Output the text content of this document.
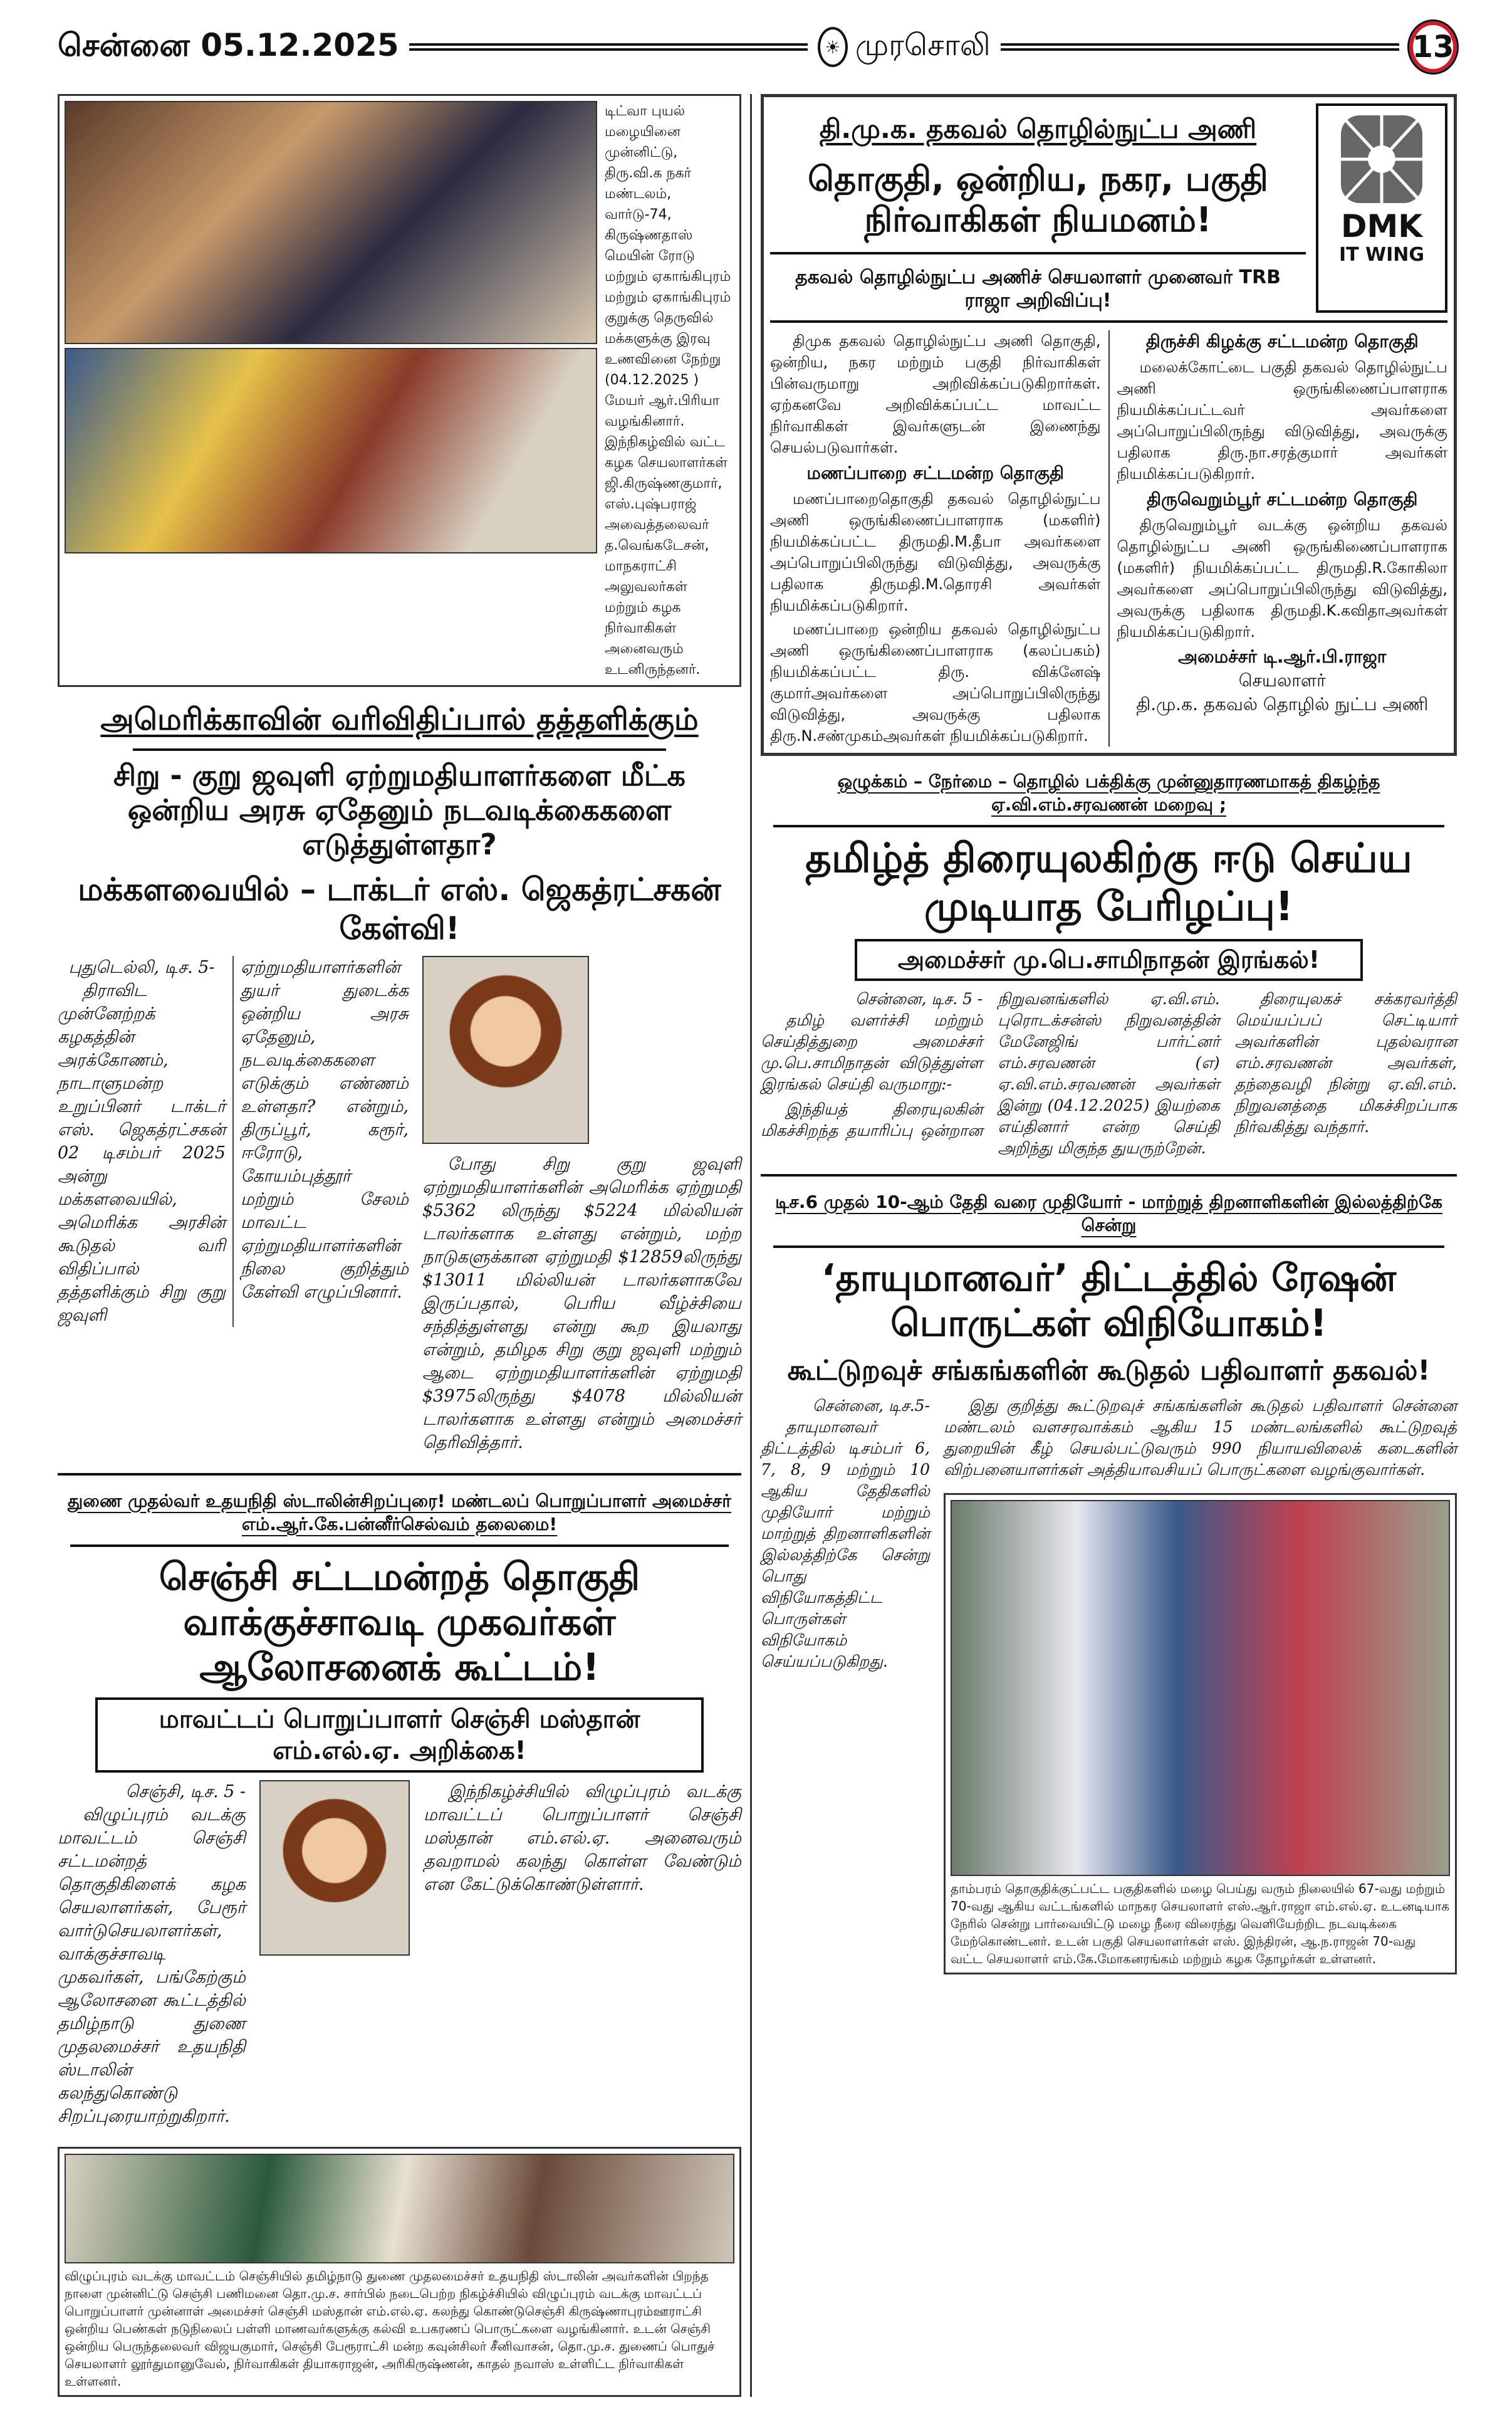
சென்னை 05.12.2025	☀ முரசொலி	13

டிட்வா புயல் மழையினை முன்னிட்டு, திரு.வி.க நகர் மண்டலம், வார்டு-74, கிருஷ்ணதாஸ் மெயின் ரோடு மற்றும் ஏகாங்கிபுரம் மற்றும் ஏகாங்கிபுரம் குறுக்கு தெருவில் மக்களுக்கு இரவு உணவினை நேற்று (04.12.2025 ) மேயர் ஆர்.பிரியா வழங்கினார்.

இந்நிகழ்வில் வட்ட கழக செயலாளர்கள் ஜி.கிருஷ்ணகுமார், எஸ்.புஷ்பராஜ் அவைத்தலைவர் த.வெங்கடேசன், மாநகராட்சி அலுவலர்கள் மற்றும் கழக நிர்வாகிகள் அனைவரும் உடனிருந்தனர்.

அமெரிக்காவின் வரிவிதிப்பால் தத்தளிக்கும்
சிறு - குறு ஜவுளி ஏற்றுமதியாளர்களை மீட்க ஒன்றிய அரசு ஏதேனும் நடவடிக்கைகளை எடுத்துள்ளதா?
மக்களவையில் – டாக்டர் எஸ். ஜெகத்ரட்சகன் கேள்வி!
புதுடெல்லி, டிச. 5-

திராவிட முன்னேற்றக் கழகத்தின் அரக்கோணம், நாடாளுமன்ற உறுப்பினர் டாக்டர் எஸ். ஜெகத்ரட்சகன் 02 டிசம்பர் 2025 அன்று மக்களவையில், அமெரிக்க அரசின் கூடுதல் வரி விதிப்பால் தத்தளிக்கும் சிறு குறு ஜவுளி ஏற்றுமதியாளர்களின் துயர் துடைக்க ஒன்றிய அரசு ஏதேனும், நடவடிக்கைகளை எடுக்கும் எண்ணம் உள்ளதா? என்றும், திருப்பூர், கரூர், ஈரோடு, கோயம்புத்தூர் மற்றும் சேலம் மாவட்ட ஏற்றுமதியாளர்களின் நிலை குறித்தும் கேள்வி எழுப்பினார்.

போது சிறு குறு ஜவுளி ஏற்றுமதியாளர்களின் அமெரிக்க ஏற்றுமதி $5362 லிருந்து $5224 மில்லியன் டாலர்களாக உள்ளது என்றும், மற்ற நாடுகளுக்கான ஏற்றுமதி $12859லிருந்து $13011 மில்லியன் டாலர்களாகவே இருப்பதால், பெரிய வீழ்ச்சியை சந்தித்துள்ளது என்று கூற இயலாது என்றும், தமிழக சிறு குறு ஜவுளி மற்றும் ஆடை ஏற்றுமதியாளர்களின் ஏற்றுமதி $3975லிருந்து $4078 மில்லியன் டாலர்களாக உள்ளது என்றும் அமைச்சர் தெரிவித்தார்.

துணை முதல்வர் உதயநிதி ஸ்டாலின்சிறப்புரை! மண்டலப் பொறுப்பாளர் அமைச்சர் எம்.ஆர்.கே.பன்னீர்செல்வம் தலைமை!
செஞ்சி சட்டமன்றத் தொகுதி வாக்குச்சாவடி முகவர்கள் ஆலோசனைக் கூட்டம்!
மாவட்டப் பொறுப்பாளர் செஞ்சி மஸ்தான் எம்.எல்.ஏ. அறிக்கை!
செஞ்சி, டிச. 5 -

விழுப்புரம் வடக்கு மாவட்டம் செஞ்சி சட்டமன்றத் தொகுதிகிளைக் கழக செயலாளர்கள், பேரூர் வார்டுசெயலாளர்கள், வாக்குச்சாவடி முகவர்கள், பங்கேற்கும் ஆலோசனை கூட்டத்தில் தமிழ்நாடு துணை முதலமைச்சர் உதயநிதி ஸ்டாலின் கலந்துகொண்டு சிறப்புரையாற்றுகிறார்.

இந்நிகழ்ச்சியில் விழுப்புரம் வடக்கு மாவட்டப் பொறுப்பாளர் செஞ்சி மஸ்தான் எம்.எல்.ஏ. அனைவரும் தவறாமல் கலந்து கொள்ள வேண்டும் என கேட்டுக்கொண்டுள்ளார்.

விழுப்புரம் வடக்கு மாவட்டம் செஞ்சியில் தமிழ்நாடு துணை முதலமைச்சர் உதயநிதி ஸ்டாலின் அவர்களின் பிறந்த நாளை முன்னிட்டு செஞ்சி பணிமனை தொ.மு.ச. சார்பில் நடைபெற்ற நிகழ்ச்சியில் விழுப்புரம் வடக்கு மாவட்டப் பொறுப்பாளர் முன்னாள் அமைச்சர் செஞ்சி மஸ்தான் எம்.எல்.ஏ. கலந்து கொண்டுசெஞ்சி கிருஷ்ணாபுரம்ஊராட்சி ஒன்றிய பெண்கள் நடுநிலைப் பள்ளி மாணவர்களுக்கு கல்வி உபகரணப் பொருட்களை வழங்கினார். உடன் செஞ்சி ஒன்றிய பெருந்தலைவர் விஜயகுமார், செஞ்சி பேரூராட்சி மன்ற கவுன்சிலர் சீனிவாசன், தொ.மு.ச. துணைப் பொதுச் செயலாளர் லூர்துமானுவேல், நிர்வாகிகள் தியாகராஜன், அரிகிருஷ்ணன், காதல் நவாஸ் உள்ளிட்ட நிர்வாகிகள் உள்ளனர்.
தி.மு.க. தகவல் தொழில்நுட்ப அணி
தொகுதி, ஒன்றிய, நகர, பகுதி நிர்வாகிகள் நியமனம்!
தகவல் தொழில்நுட்ப அணிச் செயலாளர் முனைவர் TRB ராஜா அறிவிப்பு!
DMK
IT WING

திமுக தகவல் தொழில்நுட்ப அணி தொகுதி, ஒன்றிய, நகர மற்றும் பகுதி நிர்வாகிகள் பின்வருமாறு அறிவிக்கப்படுகிறார்கள். ஏற்கனவே அறிவிக்கப்பட்ட மாவட்ட நிர்வாகிகள் இவர்களுடன் இணைந்து செயல்படுவார்கள்.

மணப்பாறை சட்டமன்ற தொகுதி

மணப்பாறைதொகுதி தகவல் தொழில்நுட்ப அணி ஒருங்கிணைப்பாளராக (மகளிர்) நியமிக்கப்பட்ட திருமதி.M.தீபா அவர்களை அப்பொறுப்பிலிருந்து விடுவித்து, அவருக்கு பதிலாக திருமதி.M.தொரசி அவர்கள் நியமிக்கப்படுகிறார்.

மணப்பாறை ஒன்றிய தகவல் தொழில்நுட்ப அணி ஒருங்கிணைப்பாளராக (கலப்பகம்) நியமிக்கப்பட்ட திரு. விக்னேஷ் குமார்அவர்களை அப்பொறுப்பிலிருந்து விடுவித்து, அவருக்கு பதிலாக திரு.N.சண்முகம்அவர்கள் நியமிக்கப்படுகிறார்.

திருச்சி கிழக்கு சட்டமன்ற தொகுதி

மலைக்கோட்டை பகுதி தகவல் தொழில்நுட்ப அணி ஒருங்கிணைப்பாளராக நியமிக்கப்பட்டவர் அவர்களை அப்பொறுப்பிலிருந்து விடுவித்து, அவருக்கு பதிலாக திரு.நா.சரத்குமார் அவர்கள் நியமிக்கப்படுகிறார்.

திருவெறும்பூர் சட்டமன்ற தொகுதி

திருவெறும்பூர் வடக்கு ஒன்றிய தகவல் தொழில்நுட்ப அணி ஒருங்கிணைப்பாளராக (மகளிர்) நியமிக்கப்பட்ட திருமதி.R.கோகிலா அவர்களை அப்பொறுப்பிலிருந்து விடுவித்து, அவருக்கு பதிலாக திருமதி.K.கவிதாஅவர்கள் நியமிக்கப்படுகிறார்.

அமைச்சர் டி.ஆர்.பி.ராஜா
செயலாளர்
தி.மு.க. தகவல் தொழில் நுட்ப அணி
ஒழுக்கம் – நேர்மை – தொழில் பக்திக்கு முன்னுதாரணமாகத் திகழ்ந்த ஏ.வி.எம்.சரவணன் மறைவு ;
தமிழ்த் திரையுலகிற்கு ஈடு செய்ய முடியாத பேரிழப்பு!
அமைச்சர் மு.பெ.சாமிநாதன் இரங்கல்!
சென்னை, டிச. 5 -

தமிழ் வளர்ச்சி மற்றும் செய்தித்துறை அமைச்சர் மு.பெ.சாமிநாதன் விடுத்துள்ள இரங்கல் செய்தி வருமாறு:-

இந்தியத் திரையுலகின் மிகச்சிறந்த தயாரிப்பு ஒன்றான நிறுவனங்களில் ஏ.வி.எம். புரொடக்சன்ஸ் நிறுவனத்தின் மேனேஜிங் பார்ட்னர் எம்.சரவணன் (எ) ஏ.வி.எம்.சரவணன் அவர்கள் இன்று (04.12.2025) இயற்கை எய்தினார் என்ற செய்தி அறிந்து மிகுந்த துயருற்றேன்.

திரையுலகச் சக்கரவர்த்தி மெய்யப்பப் செட்டியார் அவர்களின் புதல்வரான எம்.சரவணன் அவர்கள், தந்தைவழி நின்று ஏ.வி.எம். நிறுவனத்தை மிகச்சிறப்பாக நிர்வகித்து வந்தார்.

டிச.6 முதல் 10-ஆம் தேதி வரை முதியோர் - மாற்றுத் திறனாளிகளின் இல்லத்திற்கே சென்று
‘தாயுமானவர்’ திட்டத்தில் ரேஷன் பொருட்கள் விநியோகம்!
கூட்டுறவுச் சங்கங்களின் கூடுதல் பதிவாளர் தகவல்!
சென்னை, டிச.5-

தாயுமானவர் திட்டத்தில் டிசம்பர் 6, 7, 8, 9 மற்றும் 10 ஆகிய தேதிகளில் முதியோர் மற்றும் மாற்றுத் திறனாளிகளின் இல்லத்திற்கே சென்று பொது விநியோகத்திட்ட பொருள்கள் விநியோகம் செய்யப்படுகிறது.

இது குறித்து கூட்டுறவுச் சங்கங்களின் கூடுதல் பதிவாளர் சென்னை மண்டலம் வளசரவாக்கம் ஆகிய 15 மண்டலங்களில் கூட்டுறவுத் துறையின் கீழ் செயல்பட்டுவரும் 990 நியாயவிலைக் கடைகளின் விற்பனையாளர்கள் அத்தியாவசியப் பொருட்களை வழங்குவார்கள்.

தாம்பரம் தொகுதிக்குட்பட்ட பகுதிகளில் மழை பெய்து வரும் நிலையில் 67-வது மற்றும் 70-வது ஆகிய வட்டங்களில் மாநகர செயலாளர் எஸ்.ஆர்.ராஜா எம்.எல்.ஏ. உடனடியாக நேரில் சென்று பார்வையிட்டு மழை நீரை விரைந்து வெளியேற்றிட நடவடிக்கை மேற்கொண்டனர். உடன் பகுதி செயலாளர்கள் எஸ். இந்திரன், ஆ.ந.ராஜன் 70-வது வட்ட செயலாளர் எம்.கே.மோகனரங்கம் மற்றும் கழக தோழர்கள் உள்ளனர்.
